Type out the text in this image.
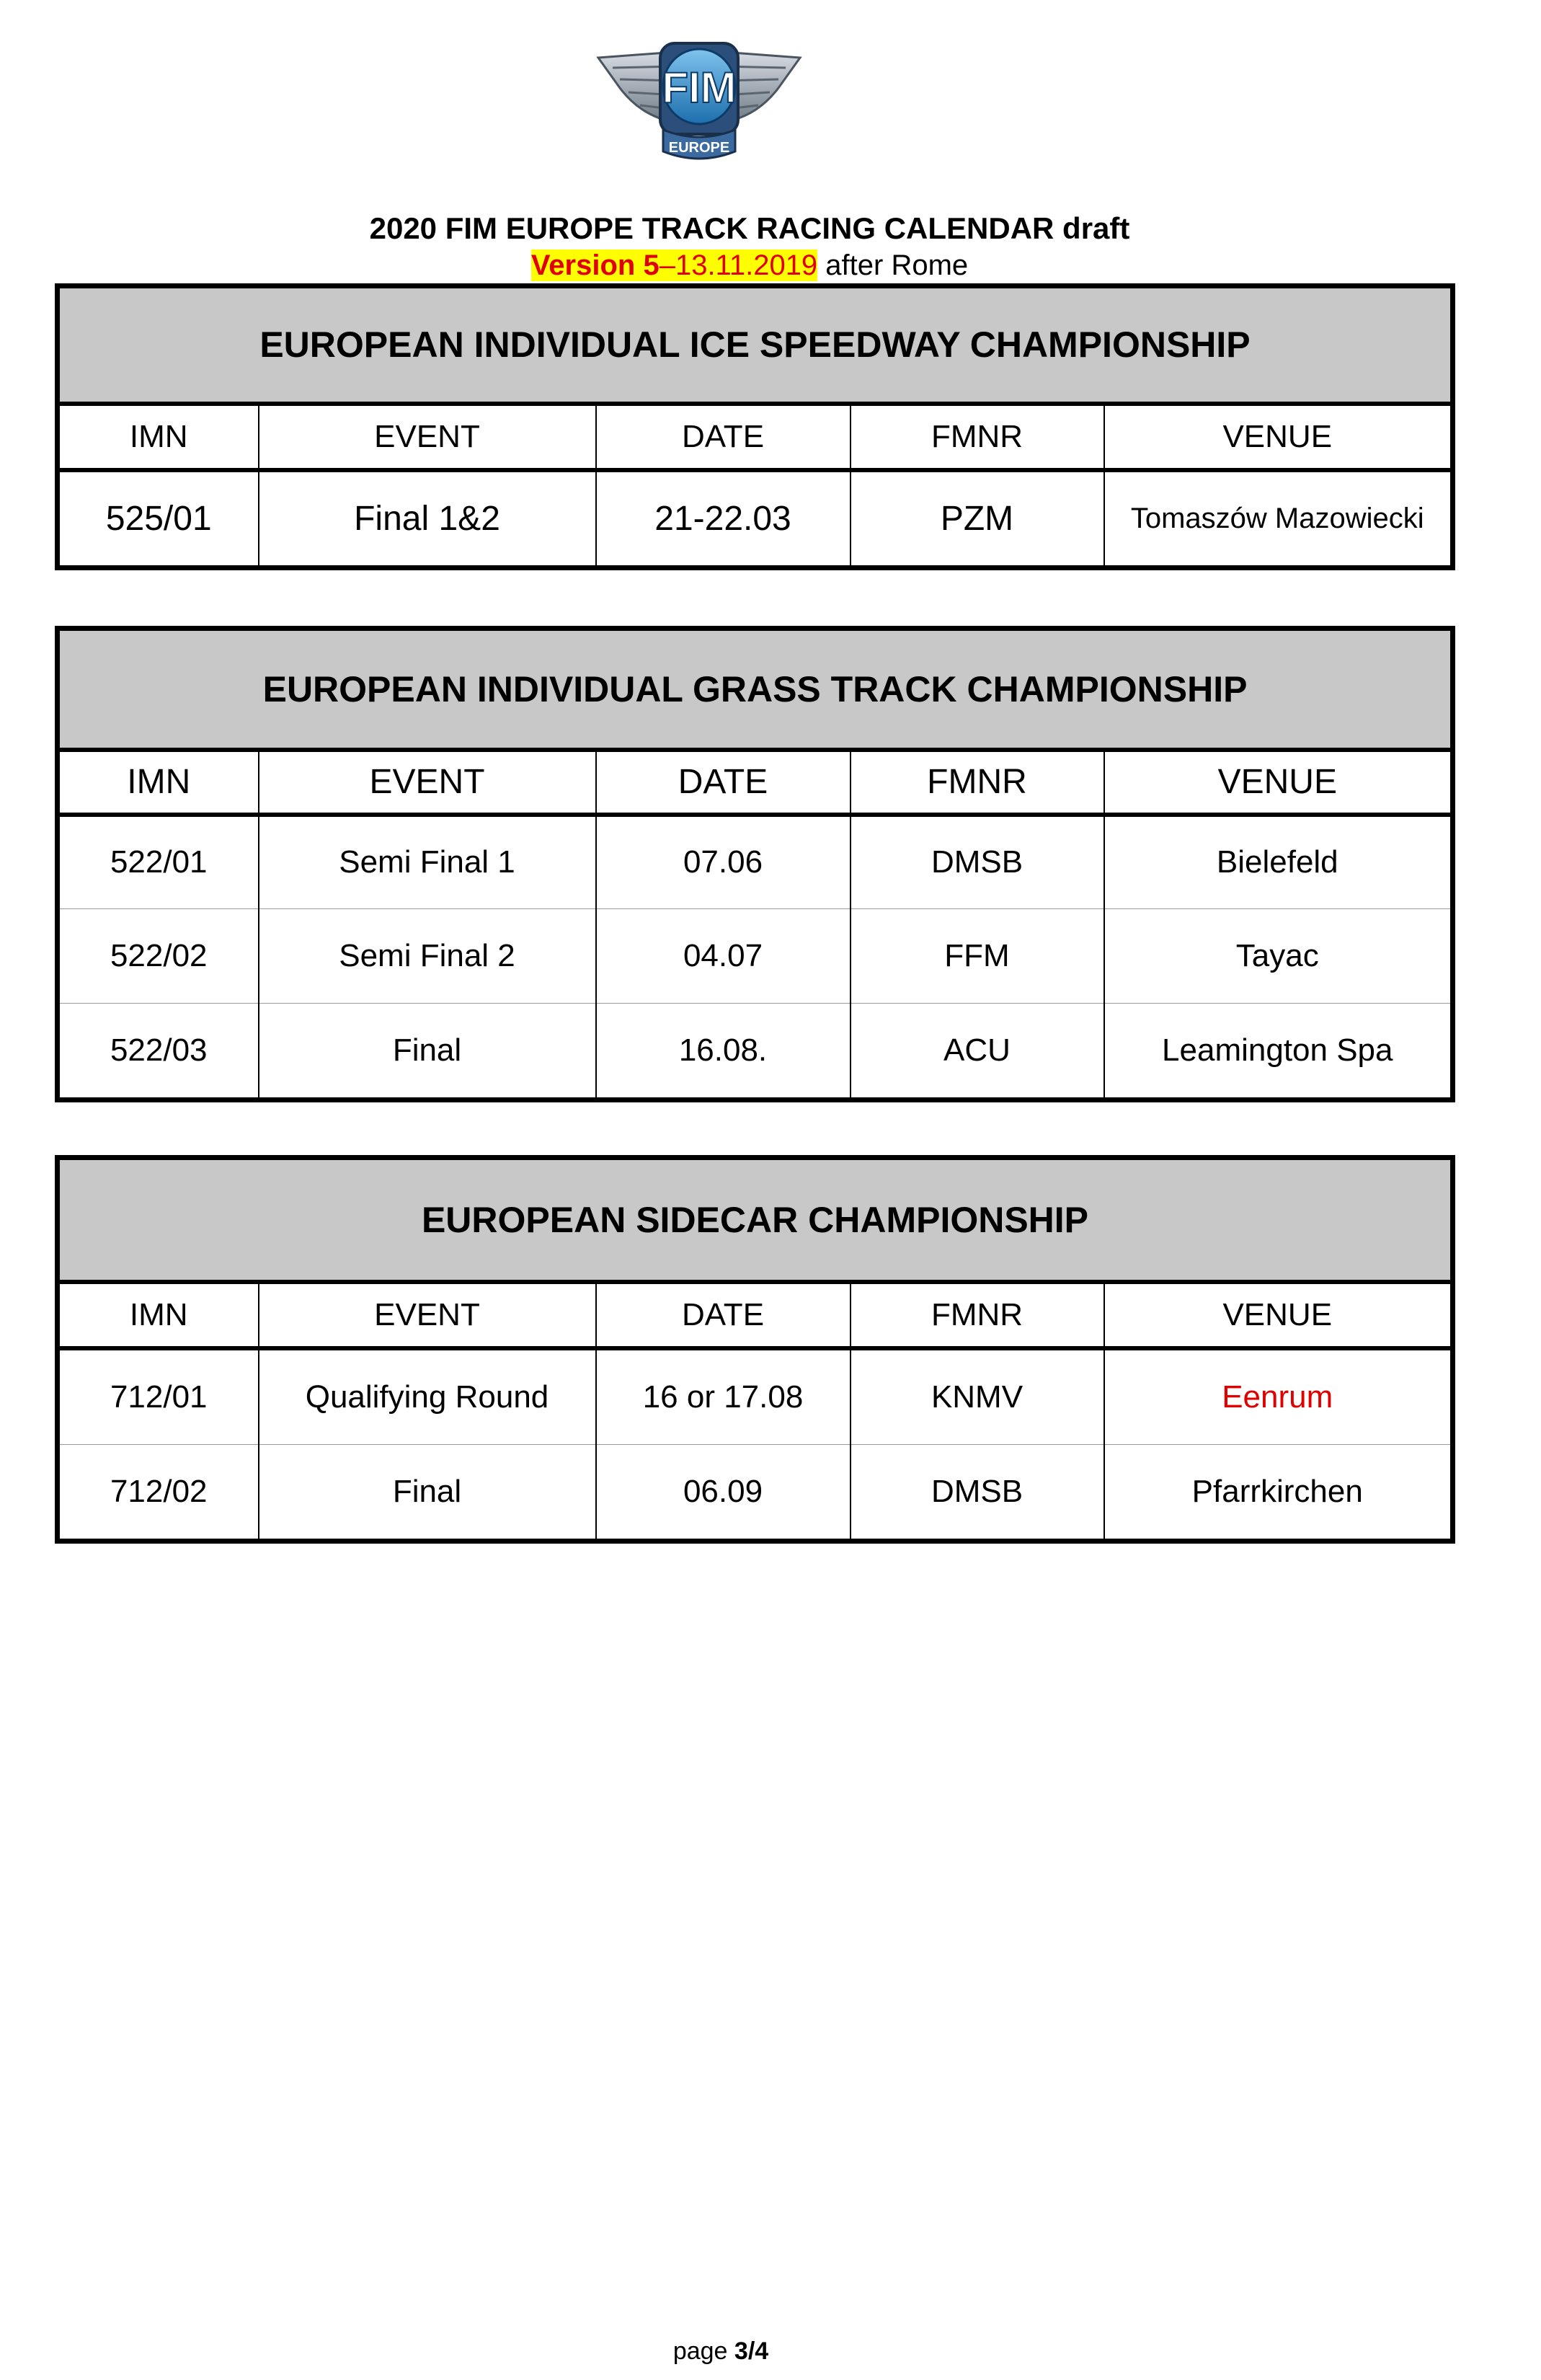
FIM
EUROPE
2020 FIM EUROPE TRACK RACING CALENDAR draft
Version 5–13.11.2019 after Rome
EUROPEAN INDIVIDUAL ICE SPEEDWAY CHAMPIONSHIP				
IMN	EVENT	DATE	FMNR	VENUE
525/01	Final 1&2	21-22.03	PZM	Tomaszów Mazowiecki
EUROPEAN INDIVIDUAL GRASS TRACK CHAMPIONSHIP				
IMN	EVENT	DATE	FMNR	VENUE
522/01	Semi Final 1	07.06	DMSB	Bielefeld
522/02	Semi Final 2	04.07	FFM	Tayac
522/03	Final	16.08.	ACU	Leamington Spa
EUROPEAN SIDECAR CHAMPIONSHIP				
IMN	EVENT	DATE	FMNR	VENUE
712/01	Qualifying Round	16 or 17.08	KNMV	Eenrum
712/02	Final	06.09	DMSB	Pfarrkirchen
page 3/4
